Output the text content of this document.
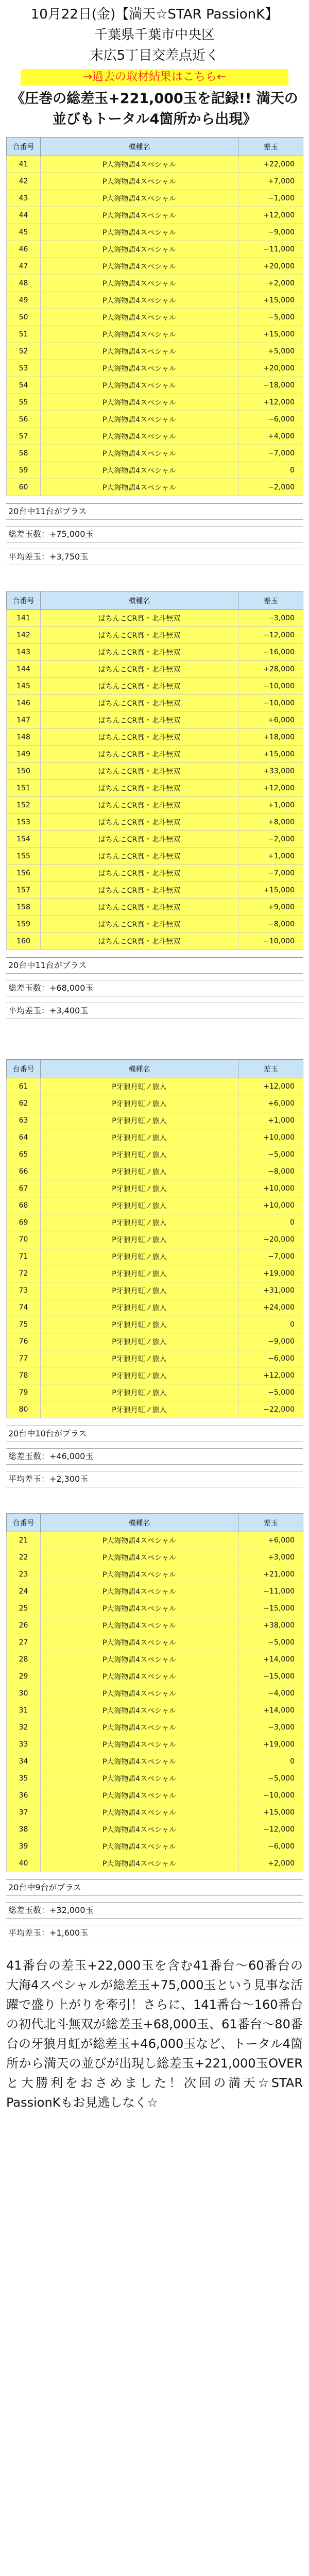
10月22日(金)【満天☆STAR PassionK】

千葉県千葉市中央区

末広5丁目交差点近く

→過去の取材結果はこちら←

《圧巻の総差玉+221,000玉を記録!! 満天の並びもトータル4箇所から出現》

台番号	機種名	差玉
41	P大海物語4スペシャル	+22,000
42	P大海物語4スペシャル	+7,000
43	P大海物語4スペシャル	−1,000
44	P大海物語4スペシャル	+12,000
45	P大海物語4スペシャル	−9,000
46	P大海物語4スペシャル	−11,000
47	P大海物語4スペシャル	+20,000
48	P大海物語4スペシャル	+2,000
49	P大海物語4スペシャル	+15,000
50	P大海物語4スペシャル	−5,000
51	P大海物語4スペシャル	+15,000
52	P大海物語4スペシャル	+5,000
53	P大海物語4スペシャル	+20,000
54	P大海物語4スペシャル	−18,000
55	P大海物語4スペシャル	+12,000
56	P大海物語4スペシャル	−6,000
57	P大海物語4スペシャル	+4,000
58	P大海物語4スペシャル	−7,000
59	P大海物語4スペシャル	0
60	P大海物語4スペシャル	−2,000
20台中11台がプラス
総差玉数：+75,000玉
平均差玉：+3,750玉
台番号	機種名	差玉
141	ぱちんこCR真・北斗無双	−3,000
142	ぱちんこCR真・北斗無双	−12,000
143	ぱちんこCR真・北斗無双	−16,000
144	ぱちんこCR真・北斗無双	+28,000
145	ぱちんこCR真・北斗無双	−10,000
146	ぱちんこCR真・北斗無双	−10,000
147	ぱちんこCR真・北斗無双	+6,000
148	ぱちんこCR真・北斗無双	+18,000
149	ぱちんこCR真・北斗無双	+15,000
150	ぱちんこCR真・北斗無双	+33,000
151	ぱちんこCR真・北斗無双	+12,000
152	ぱちんこCR真・北斗無双	+1,000
153	ぱちんこCR真・北斗無双	+8,000
154	ぱちんこCR真・北斗無双	−2,000
155	ぱちんこCR真・北斗無双	+1,000
156	ぱちんこCR真・北斗無双	−7,000
157	ぱちんこCR真・北斗無双	+15,000
158	ぱちんこCR真・北斗無双	+9,000
159	ぱちんこCR真・北斗無双	−8,000
160	ぱちんこCR真・北斗無双	−10,000
20台中11台がプラス
総差玉数：+68,000玉
平均差玉：+3,400玉
台番号	機種名	差玉
61	P牙狼月虹ノ旅人	+12,000
62	P牙狼月虹ノ旅人	+6,000
63	P牙狼月虹ノ旅人	+1,000
64	P牙狼月虹ノ旅人	+10,000
65	P牙狼月虹ノ旅人	−5,000
66	P牙狼月虹ノ旅人	−8,000
67	P牙狼月虹ノ旅人	+10,000
68	P牙狼月虹ノ旅人	+10,000
69	P牙狼月虹ノ旅人	0
70	P牙狼月虹ノ旅人	−20,000
71	P牙狼月虹ノ旅人	−7,000
72	P牙狼月虹ノ旅人	+19,000
73	P牙狼月虹ノ旅人	+31,000
74	P牙狼月虹ノ旅人	+24,000
75	P牙狼月虹ノ旅人	0
76	P牙狼月虹ノ旅人	−9,000
77	P牙狼月虹ノ旅人	−6,000
78	P牙狼月虹ノ旅人	+12,000
79	P牙狼月虹ノ旅人	−5,000
80	P牙狼月虹ノ旅人	−22,000
20台中10台がプラス
総差玉数：+46,000玉
平均差玉：+2,300玉
台番号	機種名	差玉
21	P大海物語4スペシャル	+6,000
22	P大海物語4スペシャル	+3,000
23	P大海物語4スペシャル	+21,000
24	P大海物語4スペシャル	−11,000
25	P大海物語4スペシャル	−15,000
26	P大海物語4スペシャル	+38,000
27	P大海物語4スペシャル	−5,000
28	P大海物語4スペシャル	+14,000
29	P大海物語4スペシャル	−15,000
30	P大海物語4スペシャル	−4,000
31	P大海物語4スペシャル	+14,000
32	P大海物語4スペシャル	−3,000
33	P大海物語4スペシャル	+19,000
34	P大海物語4スペシャル	0
35	P大海物語4スペシャル	−5,000
36	P大海物語4スペシャル	−10,000
37	P大海物語4スペシャル	+15,000
38	P大海物語4スペシャル	−12,000
39	P大海物語4スペシャル	−6,000
40	P大海物語4スペシャル	+2,000
20台中9台がプラス
総差玉数：+32,000玉
平均差玉：+1,600玉
41番台の差玉+22,000玉を含む41番台〜60番台の大海4スペシャルが総差玉+75,000玉という見事な活躍で盛り上がりを牽引！さらに、141番台〜160番台の初代北斗無双が総差玉+68,000玉、61番台〜80番台の牙狼月虹が総差玉+46,000玉など、トータル4箇所から満天の並びが出現し総差玉+221,000玉OVERと大勝利をおさめました！次回の満天☆STAR PassionKもお見逃しなく☆
